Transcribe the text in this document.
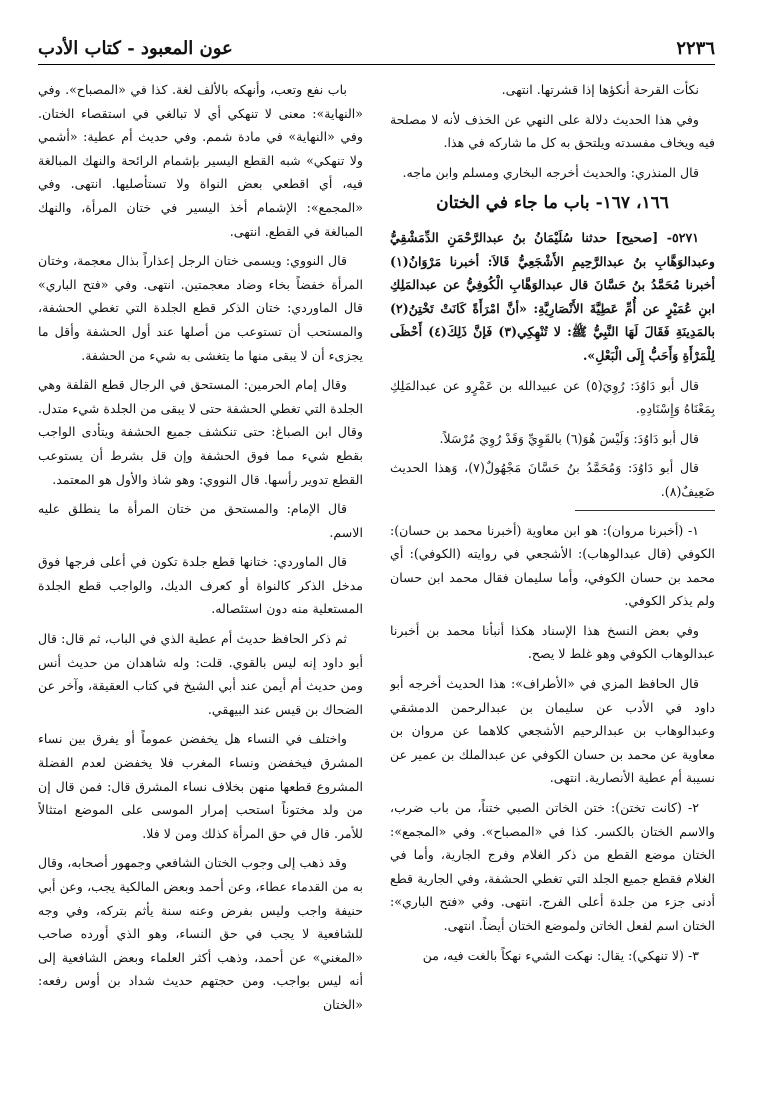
٢٢٣٦
عون المعبود - كتاب الأدب

نكأت القرحة أنكؤها إذا قشرتها. انتهى.

وفي هذا الحديث دلالة على النهي عن الخذف لأنه لا مصلحة فيه ويخاف مفسدته ويلتحق به كل ما شاركه في هذا.

قال المنذري: والحديث أخرجه البخاري ومسلم وابن ماجه.

١٦٦، ١٦٧- باب ما جاء في الختان

٥٢٧١- [صحيح] حدثنا سُلَيْمَانُ بنُ عبدالرَّحْمَنِ الدِّمَشْقِيُّ وعبدالوَهَّابِ بنُ عبدالرَّحِيمِ الأَشْجَعِيُّ قَالاَ: أخبرنا مَرْوَانُ(١) أخبرنا مُحَمَّدُ بنُ حَسَّانَ قال عبدالوَهَّابِ الْكُوفِيُّ عن عبدالمَلِكِ ابنِ عُمَيْرٍ عن أُمِّ عَطِيَّةَ الأَنْصَارِيَّةِ: «أنَّ امْرَأَةً كَانَتْ تَخْتِنُ(٢) بالمَدِينَةِ فَقَالَ لَهَا النَّبِيُّ ﷺ: لا تُنْهِكِي(٣) فَإنَّ ذَلِكَ(٤) أَحْظَى لِلْمَرْأَةِ وَأَحَبُّ إِلَى الْبَعْلِ».

قال أبو دَاوُدَ: رُوِيَ(٥) عن عبيدالله بن عَمْرٍو عن عبدالمَلِكِ بِمَعْنَاهُ وَإِسْنَادِهِ.

قال أبو دَاوُدَ: وَلَيْسَ هُوَ(٦) بالقَوِيِّ وَقَدْ رُوِيَ مُرْسَلاً.

قال أبو دَاوُدَ: وَمُحَمَّدُ بنُ حَسَّانَ مَجْهُولٌ(٧)، وَهذا الحديث ضَعِيفٌ(٨).

١- (أخبرنا مروان): هو ابن معاوية (أخبرنا محمد بن حسان): الكوفي (قال عبدالوهاب): الأشجعي في روايته (الكوفي): أي محمد بن حسان الكوفي، وأما سليمان فقال محمد ابن حسان ولم يذكر الكوفي.

وفي بعض النسخ هذا الإسناد هكذا أنبأنا محمد بن أخبرنا عبدالوهاب الكوفي وهو غلط لا يصح.

قال الحافظ المزي في «الأطراف»: هذا الحديث أخرجه أبو داود في الأدب عن سليمان بن عبدالرحمن الدمشقي وعبدالوهاب بن عبدالرحيم الأشجعي كلاهما عن مروان بن معاوية عن محمد بن حسان الكوفي عن عبدالملك بن عمير عن نسيبة أم عطية الأنصارية. انتهى.

٢- (كانت تختن): ختن الخاتن الصبي ختناً، من باب ضرب، والاسم الختان بالكسر. كذا في «المصباح». وفي «المجمع»: الختان موضع القطع من ذكر الغلام وفرج الجارية، وأما في الغلام فقطع جميع الجلد التي تغطي الحشفة، وفي الجارية قطع أدنى جزء من جلدة أعلى الفرج. انتهى. وفي «فتح الباري»: الختان اسم لفعل الخاتن ولموضع الختان أيضاً. انتهى.

٣- (لا تنهكي): يقال: نهكت الشيء نهكاً بالغت فيه، من

باب نفع وتعب، وأنهكه بالألف لغة. كذا في «المصباح». وفي «النهاية»: معنى لا تنهكي أي لا تبالغي في استقصاء الختان. وفي «النهاية» في مادة شمم. وفي حديث أم عطية: «أشمي ولا تنهكي» شبه القطع اليسير بإشمام الرائحة والنهك المبالغة فيه، أي اقطعي بعض النواة ولا تستأصليها. انتهى. وفي «المجمع»: الإشمام أخذ اليسير في ختان المرأة، والنهك المبالغة في القطع. انتهى.

قال النووي: ويسمى ختان الرجل إعذاراً بذال معجمة، وختان المرأة خفضاً بخاء وضاد معجمتين. انتهى. وفي «فتح الباري» قال الماوردي: ختان الذكر قطع الجلدة التي تغطي الحشفة، والمستحب أن تستوعب من أصلها عند أول الحشفة وأقل ما يجزىء أن لا يبقى منها ما يتغشى به شيء من الحشفة.

وقال إمام الحرمين: المستحق في الرجال قطع القلفة وهي الجلدة التي تغطي الحشفة حتى لا يبقى من الجلدة شيء متدل. وقال ابن الصباغ: حتى تنكشف جميع الحشفة ويتأدى الواجب بقطع شيء مما فوق الحشفة وإن قل بشرط أن يستوعب القطع تدوير رأسها. قال النووي: وهو شاذ والأول هو المعتمد.

قال الإمام: والمستحق من ختان المرأة ما ينطلق عليه الاسم.

قال الماوردي: ختانها قطع جلدة تكون في أعلى فرجها فوق مدخل الذكر كالنواة أو كعرف الديك، والواجب قطع الجلدة المستعلية منه دون استئصاله.

ثم ذكر الحافظ حديث أم عطية الذي في الباب، ثم قال: قال أبو داود إنه ليس بالقوي. قلت: وله شاهدان من حديث أنس ومن حديث أم أيمن عند أبي الشيخ في كتاب العقيقة، وآخر عن الضحاك بن قيس عند البيهقي.

واختلف في النساء هل يخفضن عموماً أو يفرق بين نساء المشرق فيخفضن ونساء المغرب فلا يخفضن لعدم الفضلة المشروع قطعها منهن بخلاف نساء المشرق قال: فمن قال إن من ولد مختوناً استحب إمرار الموسى على الموضع امتثالاً للأمر. قال في حق المرأة كذلك ومن لا فلا.

وقد ذهب إلى وجوب الختان الشافعي وجمهور أصحابه، وقال به من القدماء عطاء، وعن أحمد وبعض المالكية يجب، وعن أبي حنيفة واجب وليس بفرض وعنه سنة يأثم بتركه، وفي وجه للشافعية لا يجب في حق النساء، وهو الذي أورده صاحب «المغني» عن أحمد، وذهب أكثر العلماء وبعض الشافعية إلى أنه ليس بواجب. ومن حجتهم حديث شداد بن أوس رفعه: «الختان
